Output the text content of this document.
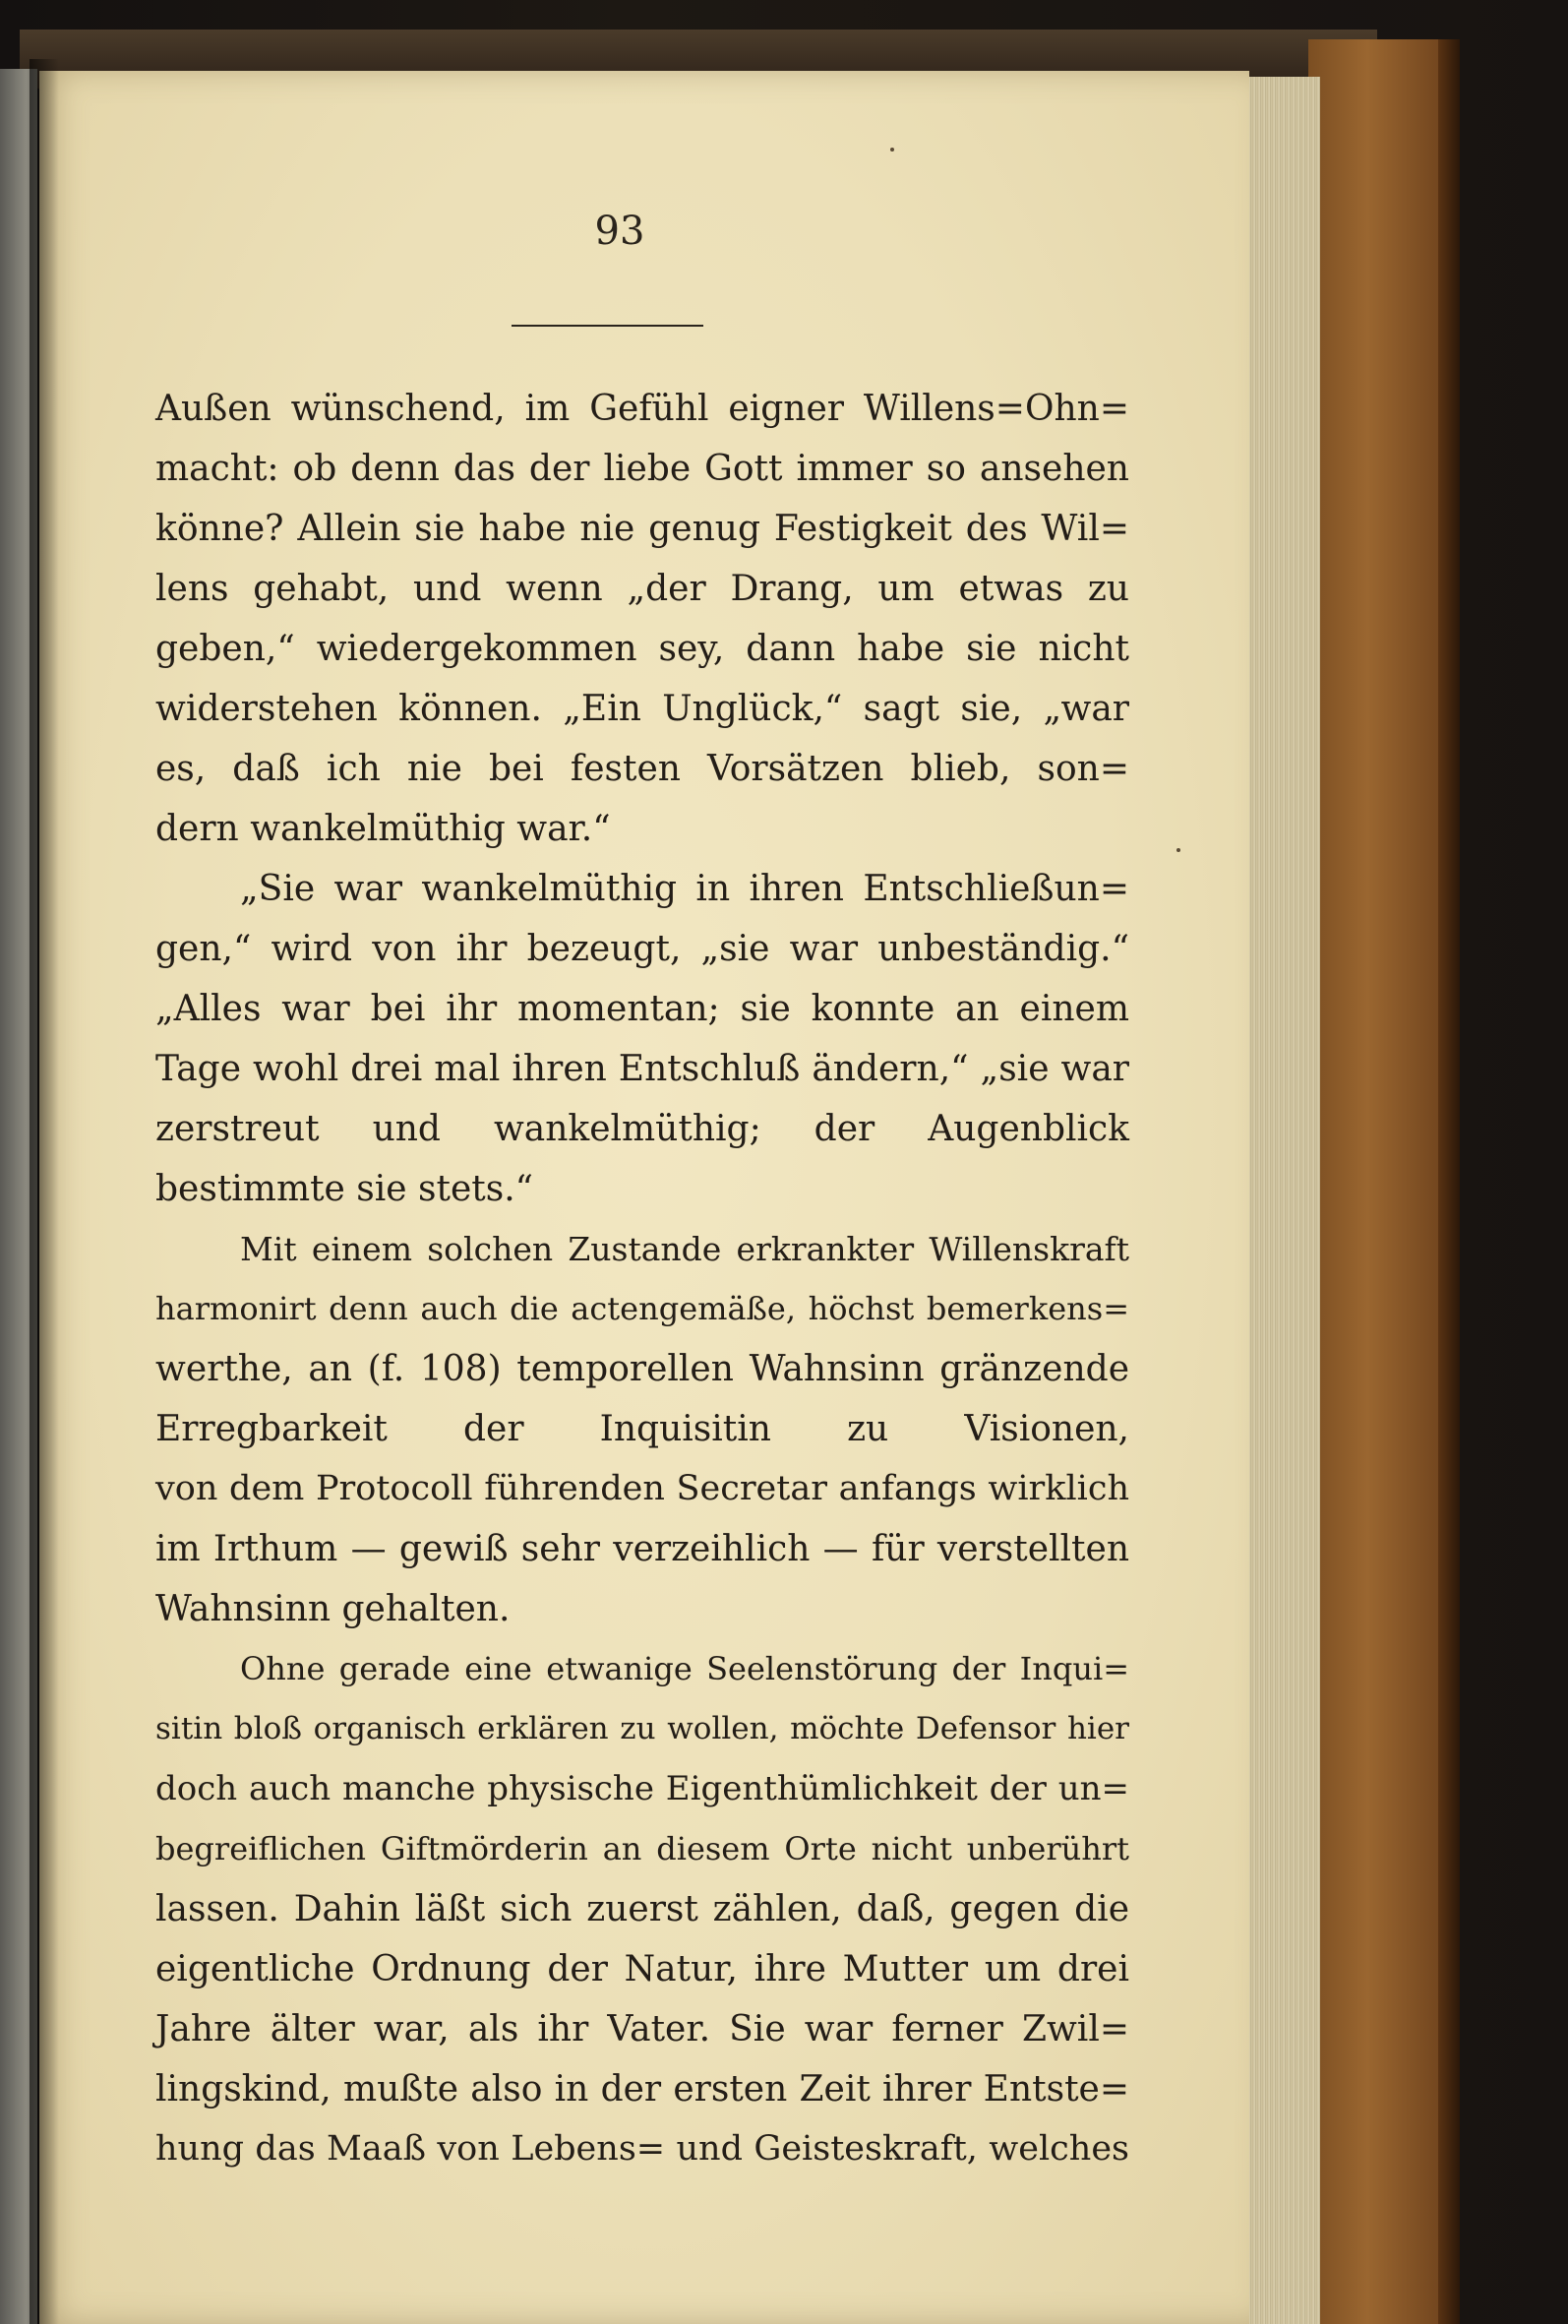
93
Außen wünschend, im Gefühl eigner Willens=Ohn=
macht: ob denn das der liebe Gott immer so ansehen
könne? Allein sie habe nie genug Festigkeit des Wil=
lens gehabt, und wenn „der Drang, um etwas zu
geben,“ wiedergekommen sey, dann habe sie nicht
widerstehen können. „Ein Unglück,“ sagt sie, „war
es, daß ich nie bei festen Vorsätzen blieb, son=
dern wankelmüthig war.“
„Sie war wankelmüthig in ihren Entschließun=
gen,“ wird von ihr bezeugt, „sie war unbeständig.“
„Alles war bei ihr momentan; sie konnte an einem
Tage wohl drei mal ihren Entschluß ändern,“ „sie war
zerstreut und wankelmüthig; der Augenblick
bestimmte sie stets.“
Mit einem solchen Zustande erkrankter Willenskraft
harmonirt denn auch die actengemäße, höchst bemerkens=
werthe, an (f. 108) temporellen Wahnsinn gränzende
Erregbarkeit der Inquisitin zu Visionen,
von dem Protocoll führenden Secretar anfangs wirklich
im Irthum — gewiß sehr verzeihlich — für verstellten
Wahnsinn gehalten.
Ohne gerade eine etwanige Seelenstörung der Inqui=
sitin bloß organisch erklären zu wollen, möchte Defensor hier
doch auch manche physische Eigenthümlichkeit der un=
begreiflichen Giftmörderin an diesem Orte nicht unberührt
lassen. Dahin läßt sich zuerst zählen, daß, gegen die
eigentliche Ordnung der Natur, ihre Mutter um drei
Jahre älter war, als ihr Vater. Sie war ferner Zwil=
lingskind, mußte also in der ersten Zeit ihrer Entste=
hung das Maaß von Lebens= und Geisteskraft, welches
